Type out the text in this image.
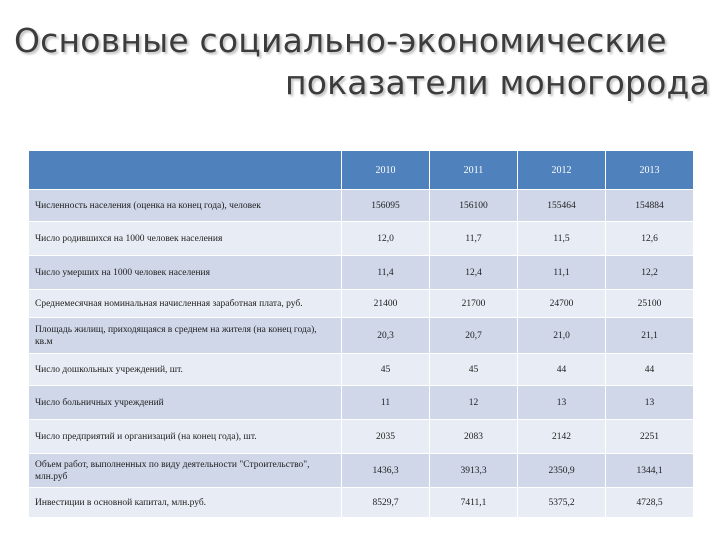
Основные социально-экономические
показатели моногорода
	2010	2011	2012	2013
Численность населения (оценка на конец года), человек	156095	156100	155464	154884
Число родившихся на 1000 человек населения	12,0	11,7	11,5	12,6
Число умерших на 1000 человек населения	11,4	12,4	11,1	12,2
Среднемесячная номинальная начисленная заработная плата, руб.	21400	21700	24700	25100
Площадь жилищ, приходящаяся в среднем на жителя (на конец года), кв.м	20,3	20,7	21,0	21,1
Число дошкольных учреждений, шт.	45	45	44	44
Число больничных учреждений	11	12	13	13
Число предприятий и организаций (на конец года), шт.	2035	2083	2142	2251
Объем работ, выполненных по виду деятельности "Строительство", млн.руб	1436,3	3913,3	2350,9	1344,1
Инвестиции в основной капитал, млн.руб.	8529,7	7411,1	5375,2	4728,5
